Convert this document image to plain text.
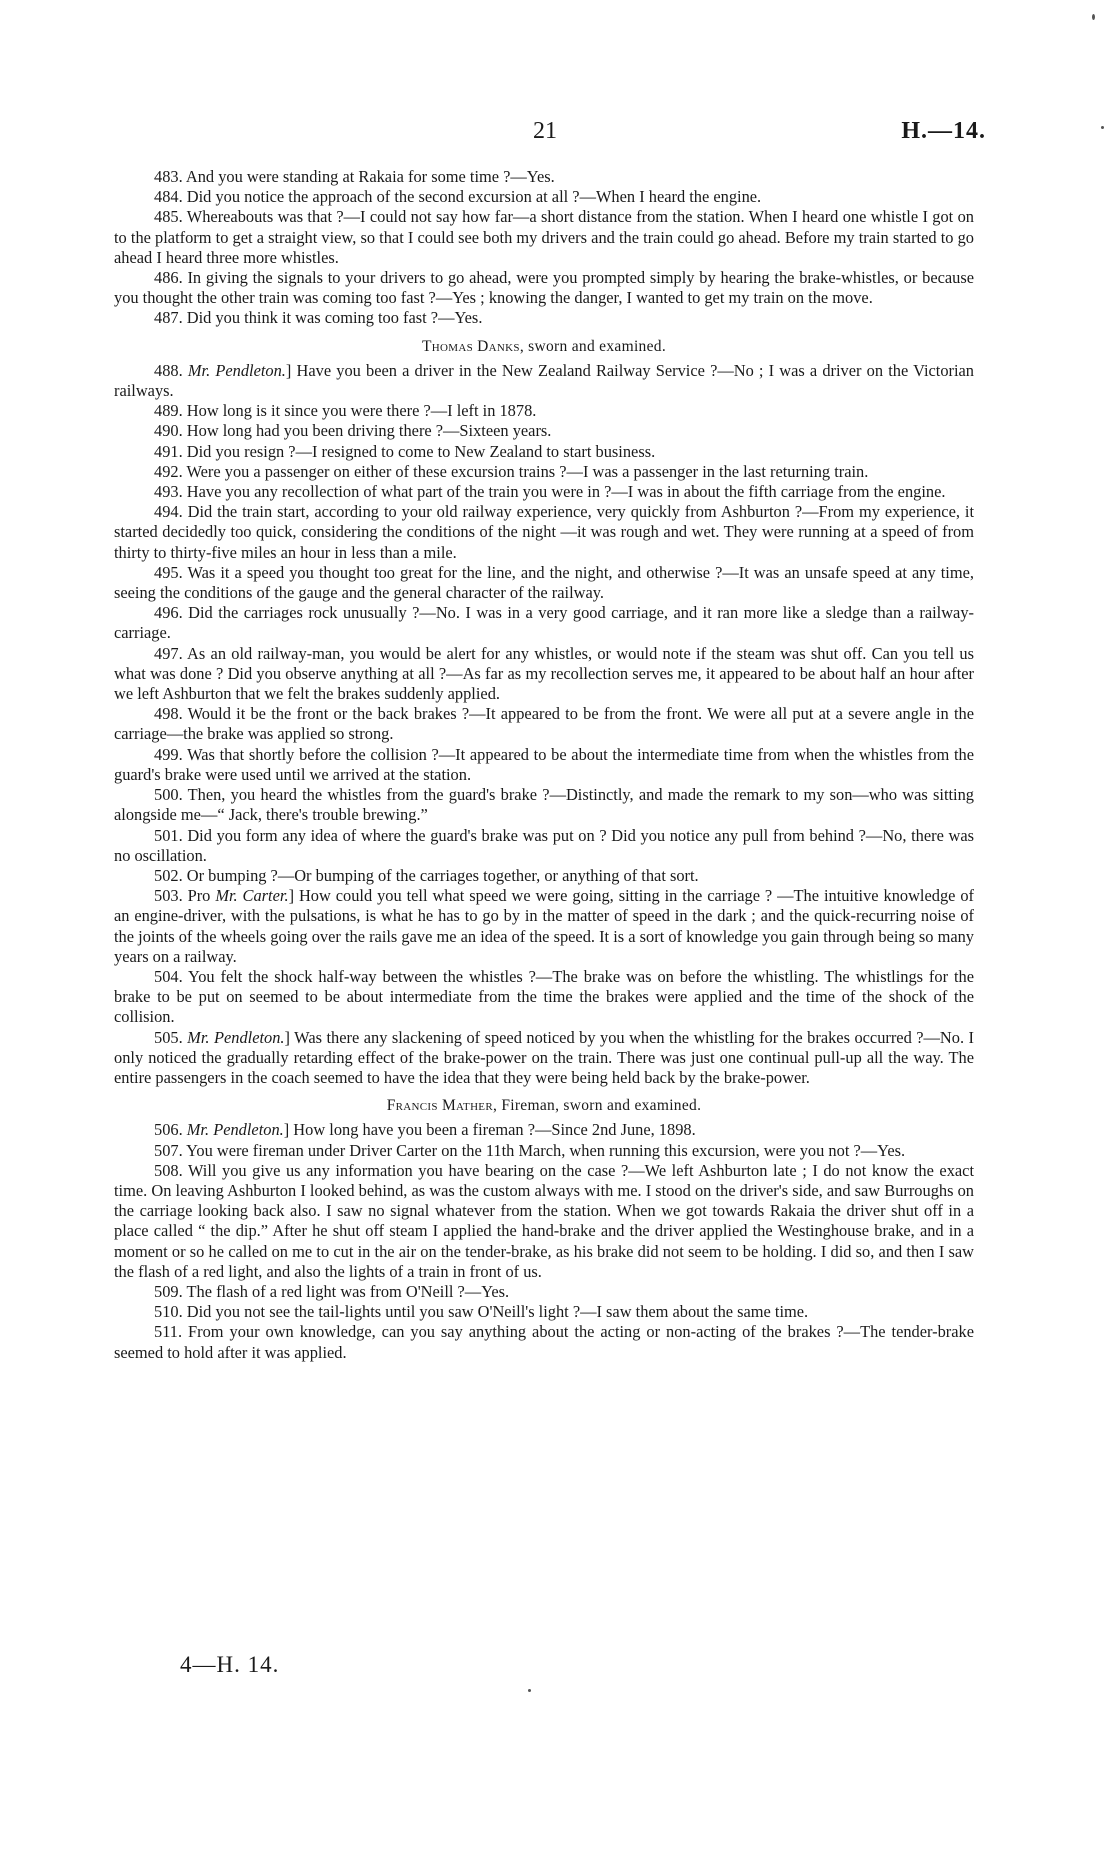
21	H.—14.

483. And you were standing at Rakaia for some time ?—Yes.

484. Did you notice the approach of the second excursion at all ?—When I heard the engine.

485. Whereabouts was that ?—I could not say how far—a short distance from the station. When I heard one whistle I got on to the platform to get a straight view, so that I could see both my drivers and the train could go ahead. Before my train started to go ahead I heard three more whistles.

486. In giving the signals to your drivers to go ahead, were you prompted simply by hearing the brake-whistles, or because you thought the other train was coming too fast ?—Yes ; knowing the danger, I wanted to get my train on the move.

487. Did you think it was coming too fast ?—Yes.

Thomas Danks, sworn and examined.

488. Mr. Pendleton.] Have you been a driver in the New Zealand Railway Service ?—No ; I was a driver on the Victorian railways.

489. How long is it since you were there ?—I left in 1878.

490. How long had you been driving there ?—Sixteen years.

491. Did you resign ?—I resigned to come to New Zealand to start business.

492. Were you a passenger on either of these excursion trains ?—I was a passenger in the last returning train.

493. Have you any recollection of what part of the train you were in ?—I was in about the fifth carriage from the engine.

494. Did the train start, according to your old railway experience, very quickly from Ashburton ?—From my experience, it started decidedly too quick, considering the conditions of the night —it was rough and wet. They were running at a speed of from thirty to thirty-five miles an hour in less than a mile.

495. Was it a speed you thought too great for the line, and the night, and otherwise ?—It was an unsafe speed at any time, seeing the conditions of the gauge and the general character of the railway.

496. Did the carriages rock unusually ?—No. I was in a very good carriage, and it ran more like a sledge than a railway-carriage.

497. As an old railway-man, you would be alert for any whistles, or would note if the steam was shut off. Can you tell us what was done ? Did you observe anything at all ?—As far as my recollection serves me, it appeared to be about half an hour after we left Ashburton that we felt the brakes suddenly applied.

498. Would it be the front or the back brakes ?—It appeared to be from the front. We were all put at a severe angle in the carriage—the brake was applied so strong.

499. Was that shortly before the collision ?—It appeared to be about the intermediate time from when the whistles from the guard's brake were used until we arrived at the station.

500. Then, you heard the whistles from the guard's brake ?—Distinctly, and made the remark to my son—who was sitting alongside me—“ Jack, there's trouble brewing.”

501. Did you form any idea of where the guard's brake was put on ? Did you notice any pull from behind ?—No, there was no oscillation.

502. Or bumping ?—Or bumping of the carriages together, or anything of that sort.

503. Pro Mr. Carter.] How could you tell what speed we were going, sitting in the carriage ? —The intuitive knowledge of an engine-driver, with the pulsations, is what he has to go by in the matter of speed in the dark ; and the quick-recurring noise of the joints of the wheels going over the rails gave me an idea of the speed. It is a sort of knowledge you gain through being so many years on a railway.

504. You felt the shock half-way between the whistles ?—The brake was on before the whistling. The whistlings for the brake to be put on seemed to be about intermediate from the time the brakes were applied and the time of the shock of the collision.

505. Mr. Pendleton.] Was there any slackening of speed noticed by you when the whistling for the brakes occurred ?—No. I only noticed the gradually retarding effect of the brake-power on the train. There was just one continual pull-up all the way. The entire passengers in the coach seemed to have the idea that they were being held back by the brake-power.

Francis Mather, Fireman, sworn and examined.

506. Mr. Pendleton.] How long have you been a fireman ?—Since 2nd June, 1898.

507. You were fireman under Driver Carter on the 11th March, when running this excursion, were you not ?—Yes.

508. Will you give us any information you have bearing on the case ?—We left Ashburton late ; I do not know the exact time. On leaving Ashburton I looked behind, as was the custom always with me. I stood on the driver's side, and saw Burroughs on the carriage looking back also. I saw no signal whatever from the station. When we got towards Rakaia the driver shut off in a place called “ the dip.” After he shut off steam I applied the hand-brake and the driver applied the Westinghouse brake, and in a moment or so he called on me to cut in the air on the tender-brake, as his brake did not seem to be holding. I did so, and then I saw the flash of a red light, and also the lights of a train in front of us.

509. The flash of a red light was from O'Neill ?—Yes.

510. Did you not see the tail-lights until you saw O'Neill's light ?—I saw them about the same time.

511. From your own knowledge, can you say anything about the acting or non-acting of the brakes ?—The tender-brake seemed to hold after it was applied.

4—H. 14.
